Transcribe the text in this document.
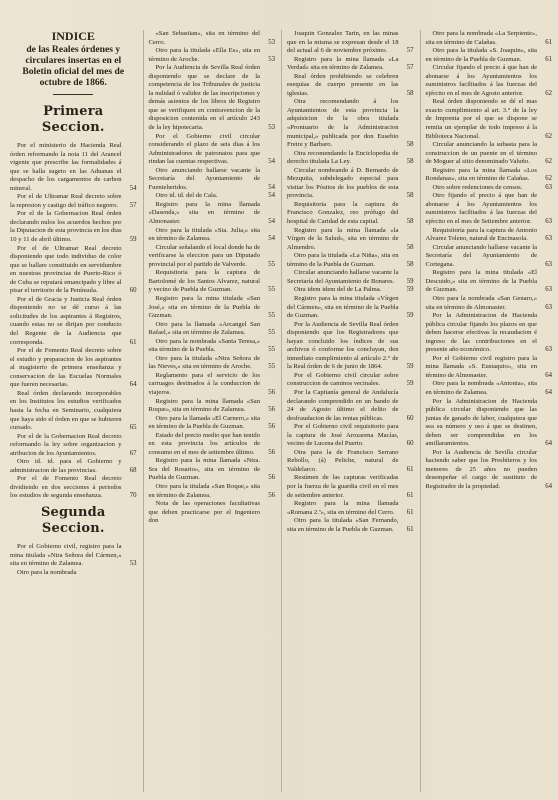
INDICE
de las Reales órdenes y circulares insertas en el Boletin oficial del mes de octubre de 1866.
Primera Seccion.
Por el ministerio de Hacienda Real órden reformando la nota 11 del Arancel vigente que prescribe las formalidades á que se halla sugeto en las Aduanas el despacho de los cargamentos de carbon mineral.	54
Por el de Ultramar Real decreto sobre la represion y castigo del tráfico negrero.	57
Por el de la Gobernacion Real órden declarando nulos los acuerdos hechos por la Diputacion de esta provincia en los dias 10 y 11 de abril último.	59
Por el de Ultramar Real decreto disponiendo que todo individuo de color que se hallare constituido en servidumbre en nuestras provincias de Puerto-Rico ó de Cuba se reputará emancipado y libre al pisar el territorio de la Península.	60
Por el de Gracia y Justicia Real órden disponiendo no se dé curso á las solicitudes de los aspirantes á Registros, cuando estas no se dirijan por conducto del Regente de la Audiencia que corresponda.	61
Por el de Fomento Real decreto sobre el estudio y preparacion de los aspirantes al magisterio de primera enseñanza y conservacion de las Escuelas Normales que fueren necesarias.	64
Real órden declarando incorporables en los Institutos los estudios verificados hasta la fecha en Seminario, cualquiera que haya sido el órden en que se hubieren cursado.	65
Por el de la Gobernacion Real decreto reformando la ley sobre organizacion y atribucion de los Ayuntamientos.	67
Otro id. id. para el Gobierno y administracion de las provincias.	68
Por el de Fomento Real decreto dividiendo en dos secciones á periodos los estudios de segunda enseñanza.	70
Segunda Seccion.
Por el Gobierno civil, registro para la mina titulada «Ntra Señora del Cármen,» sita en término de Zalamea.	53
Otro para la nombrada
«San Sebastian», sita en término del Cerro.	53
Otro para la titulada «Ella Es», sita en término de Aroche.	53
Por la Audiencia de Sevilla Real órden disponiendo que se declare de la competencia de los Tribunales de justicia la nulidad ó validez de las inscripciones y demás asientos de los libros de Registro que se verifiquen en contravencion de la disposicion contenida en el artículo 243 de la ley hipotecaria.	53
Por el Gobierno civil circular considerando el plazo de seis dias á los Administradores de patronatos para que rindan las cuentas respectivas.	54
Otro anunciando hallarse vacante la Secretaría del Ayuntamiento de Fuenteheridos.	54
Otro id. id. del de Cala.	54
Registro para la mina llamada «Dasenda,» sita en término de Almonaster.	54
Otro para la titulada «Sta. Julia,» sita en término de Zalamea.	54
Circular señalando el local donde ha de verificarse la eleccion para un Diputado provincial por el partido de Valverde.	55
Requisitoria para la captura de Bartolomé de los Santos Alvarez, natural y vecino de Puebla de Guzman.	55
Registro para la mina titulada «San José,» sita en término de la Puebla de Guzman.	55
Otro para la llamada «Arcangel San Rafael,» sita en término de Zalamea.	55
Otro para la nombrada «Santa Teresa,» sita término de la Puebla.	55
Otro para la titulada «Ntra Señora de las Nieves,» sita en término de Aroche.	55
Reglamento para el servicio de los carruages destinados á la conduccion de viajeros.	56
Registro para la mina llamada «San Roque», sita en término de Zalamea.	56
Otro para la llamada «El Carnero,» sita en término de la Puebla de Guzman.	56
Estado del precio medio que han tenido en esta provincia los artículos de consumo en el mes de setiembre último.	56
Registro para la mina llamada «Ntra. Sra del Rosario», sita en término de Puebla de Guzman.	56
Otro para la titulada «San Roque,» sita en término de Zalamea.	56
Nota de las operaciones facultativas que deben practicarse por el Ingeniero don
Joaquin Gonzalez Tarin, en las minas que en la misma se expresan desde el 18 del actual al 6 de noviembre próximo.	57
Registro para la mina llamada «La Verdad» sita en término de Zalamea.	57
Real órden prohibiendo se celebren esequias de cuerpo presente en las iglesias.	58
Otra recomendando á los Ayuntamientos de esta provincia la adquisicion de la obra titulada «Prontuario de la Administracion municipal,» publicada por don Eusebio Freire y Barbaro.	58
Otra recomendando la Enciclopedia de derecho titulada La Ley.	58
Circular nombrando á D. Bernardo de Mezquita, subdelegado especial para visitar los Pósitos de los pueblos de esta provincia.	58
Requisitoria para la captura de Francisco Gonzalez, reo prófugo del hospital de Caridad de esta capital.	58
Registro para la mina llamada «la Vírgen de la Salud», sita en término de Almendro.	58
Otro para la titulada «La Niña», sita en término de la Puebla de Guzman.	58
Circular anunciando hallarse vacante la Secretaría del Ayuntamiento de Bonares.	59
Otra idem idem del de La Palma.	59
Registro para la mina titulada «Vírgen del Cármen», sita en término de la Puebla de Guzman.	59
Por la Audiencia de Sevilla Real órden disponiendo que los Registradores que hayan concluido los índices de sus archivos ó conforme los concluyan, den inmediato cumplimiento al artículo 2.° de la Real órden de 6 de junio de 1864.	59
Por el Gobierno civil circular sobre construccion de caminos vecinales.	59
Por la Capitanía general de Andalucía declarando comprendido en un bando de 24 de Agosto último el delito de desfraudacion de las rentas públicas.	60
Por el Gobierno civil requisitorio para la captura de José Arozarena Macías, vecino de Lucena del Puerto.	60
Otra para la de Francisco Serrano Rebollo, (á) Peliche, natural de Valdelarco.	61
Resúmen de las capturas verificadas por la fuerza de la guardia civil en el mes de setiembre anterior.	61
Registro para la mina llamada «Romana 2.ª», sita en término del Cerro.	61
Otro para la titulada «San Fernando, sita en término de la Puebla de Guzman.	61
Otro para la nombrada «La Serpiente», sita en término de Calañas.	61
Otro para la titulada «S. Joaquin», sita en término de la Puebla de Guzman.	61
Circular fijando el precio á que han de abonarse á los Ayuntamientos los suministros facilitados á las fuerzas del ejército en el mes de Agosto anterior.	62
Real órden disponiendo se dé el mas exacto cumplimiento al art. 3.° de la ley de Imprenta por el que se dispone se remita un ejemplar de todo impreso á la Biblioteca Nacional.	62
Circular anunciando la subasta para la construccion de un puente en el término de Moguer al sitio denominado Valuño.	62
Registro para la mina llamada «Los Rondanas», sita en término de Calañas.	62
Otro sobre redenciones de censos.	63
Otro fijando el precio á que han de abonarse á los Ayuntamientos los suministros facilitados á las fuerzas del ejército en el mes de Setiembre anterior.	63
Requisitoria para la captura de Antonio Alvarez Toleno, natural de Encinasola.	63
Circular anunciando hallarse vacante la Secretaría del Ayuntamiento de Cortegana.	63
Registro para la mina titulada «El Descuido,» sita en término de la Puebla de Guzman.	63
Otro para la nombrada «San Genaro,» sita en término de Almonaster.	63
Por la Administracion de Hacienda pública circular fijando los plazos en que deben hacerse efectivas la recaudacion é ingreso de las contribuciones en el presente año económico.	63
Por el Gobierno civil registro para la mina llamada «S. Eustaquio», sita en término de Almonaster.	64
Otro para la nombrada «Antonia», sita en término de Zalamea.	64
Por la Administracion de Hacienda pública circular disponiendo que las juntas de ganado de labor, cualquiera que sea su número y uso á que se destinen, deben ser comprendidas en los amillaramientos.	64
Por la Audiencia de Sevilla circular haciendo saber que los Presbíteros y los menores de 25 años no pueden desempeñar el cargo de sustituto de Registrador de la propiedad.	64
